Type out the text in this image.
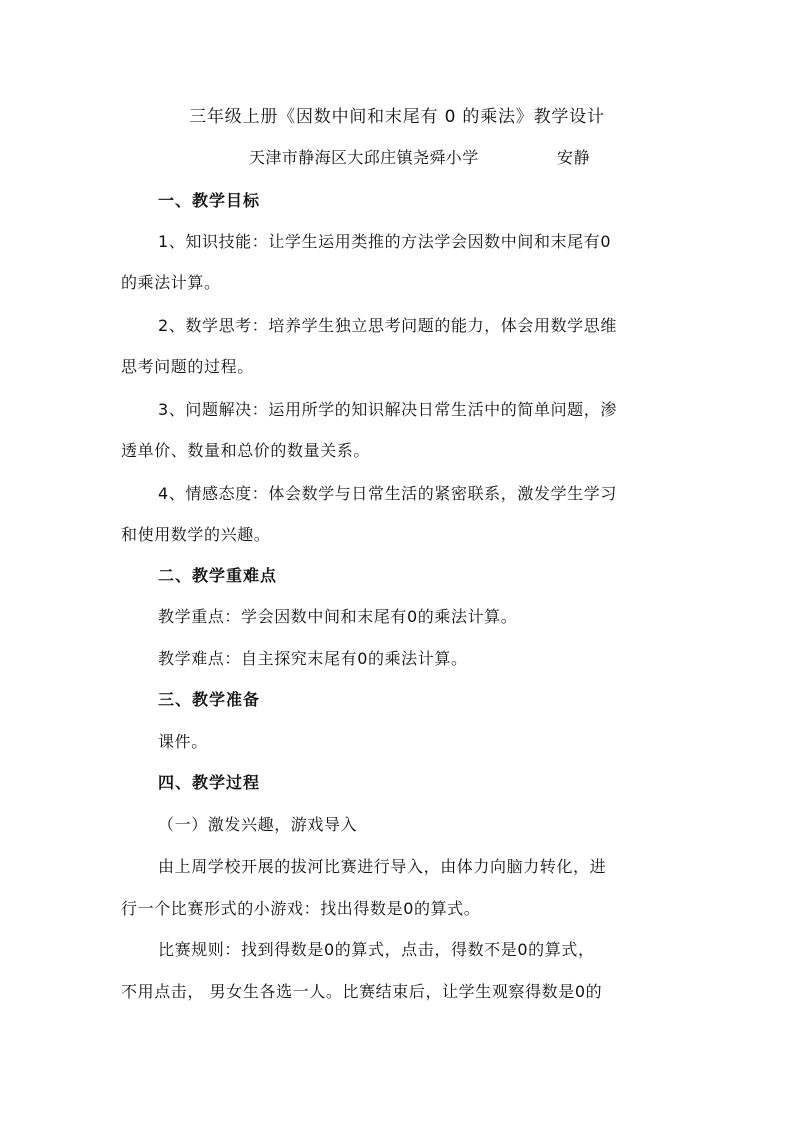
三年级上册《因数中间和末尾有 0 的乘法》教学设计
天津市静海区大邱庄镇尧舜小学	安静
一、教学目标
1、知识技能：让学生运用类推的方法学会因数中间和末尾有0
的乘法计算。
2、数学思考：培养学生独立思考问题的能力，体会用数学思维
思考问题的过程。
3、问题解决：运用所学的知识解决日常生活中的简单问题，渗
透单价、数量和总价的数量关系。
4、情感态度：体会数学与日常生活的紧密联系，激发学生学习
和使用数学的兴趣。
二、教学重难点
教学重点：学会因数中间和末尾有0的乘法计算。
教学难点：自主探究末尾有0的乘法计算。
三、教学准备
课件。
四、教学过程
（一）激发兴趣，游戏导入
由上周学校开展的拔河比赛进行导入，由体力向脑力转化，进
行一个比赛形式的小游戏：找出得数是0的算式。
比赛规则：找到得数是0的算式，点击，得数不是0的算式，
不用点击， 男女生各选一人。比赛结束后，让学生观察得数是0的
